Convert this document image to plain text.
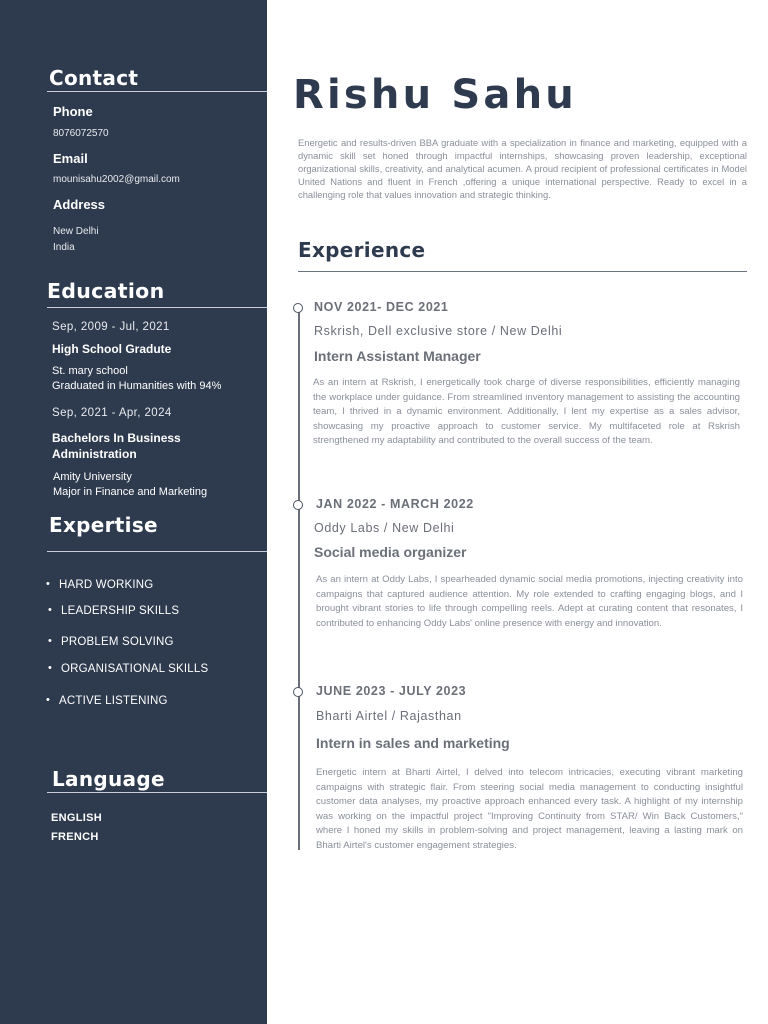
Contact
Phone
8076072570
Email
mounisahu2002@gmail.com
Address
New Delhi
India
Education
Sep, 2009 - Jul, 2021
High School Gradute
St. mary school
Graduated in Humanities with 94%
Sep, 2021 - Apr, 2024
Bachelors In Business
Administration
Amity University
Major in Finance and Marketing
Expertise
• HARD WORKING
• LEADERSHIP SKILLS
• PROBLEM SOLVING
• ORGANISATIONAL SKILLS
• ACTIVE LISTENING
Language
ENGLISH
FRENCH
Rishu Sahu
Energetic and results-driven BBA graduate with a specialization in finance and marketing, equipped with a dynamic skill set honed through impactful internships, showcasing proven leadership, exceptional organizational skills, creativity, and analytical acumen. A proud recipient of professional certificates in Model United Nations and fluent in French ,offering a unique international perspective. Ready to excel in a challenging role that values innovation and strategic thinking.
Experience
NOV 2021- DEC 2021
Rskrish, Dell exclusive store / New Delhi
Intern Assistant Manager
As an intern at Rskrish, I energetically took charge of diverse responsibilities, efficiently managing the workplace under guidance. From streamlined inventory management to assisting the accounting team, I thrived in a dynamic environment. Additionally, I lent my expertise as a sales advisor, showcasing my proactive approach to customer service. My multifaceted role at Rskrish strengthened my adaptability and contributed to the overall success of the team.
JAN 2022 - MARCH 2022
Oddy Labs / New Delhi
Social media organizer
As an intern at Oddy Labs, I spearheaded dynamic social media promotions, injecting creativity into campaigns that captured audience attention. My role extended to crafting engaging blogs, and I brought vibrant stories to life through compelling reels. Adept at curating content that resonates, I contributed to enhancing Oddy Labs' online presence with energy and innovation.
JUNE 2023 - JULY 2023
Bharti Airtel / Rajasthan
Intern in sales and marketing
Energetic intern at Bharti Airtel, I delved into telecom intricacies, executing vibrant marketing campaigns with strategic flair. From steering social media management to conducting insightful customer data analyses, my proactive approach enhanced every task. A highlight of my internship was working on the impactful project "Improving Continuity from STAR/ Win Back Customers," where I honed my skills in problem-solving and project management, leaving a lasting mark on Bharti Airtel's customer engagement strategies.
